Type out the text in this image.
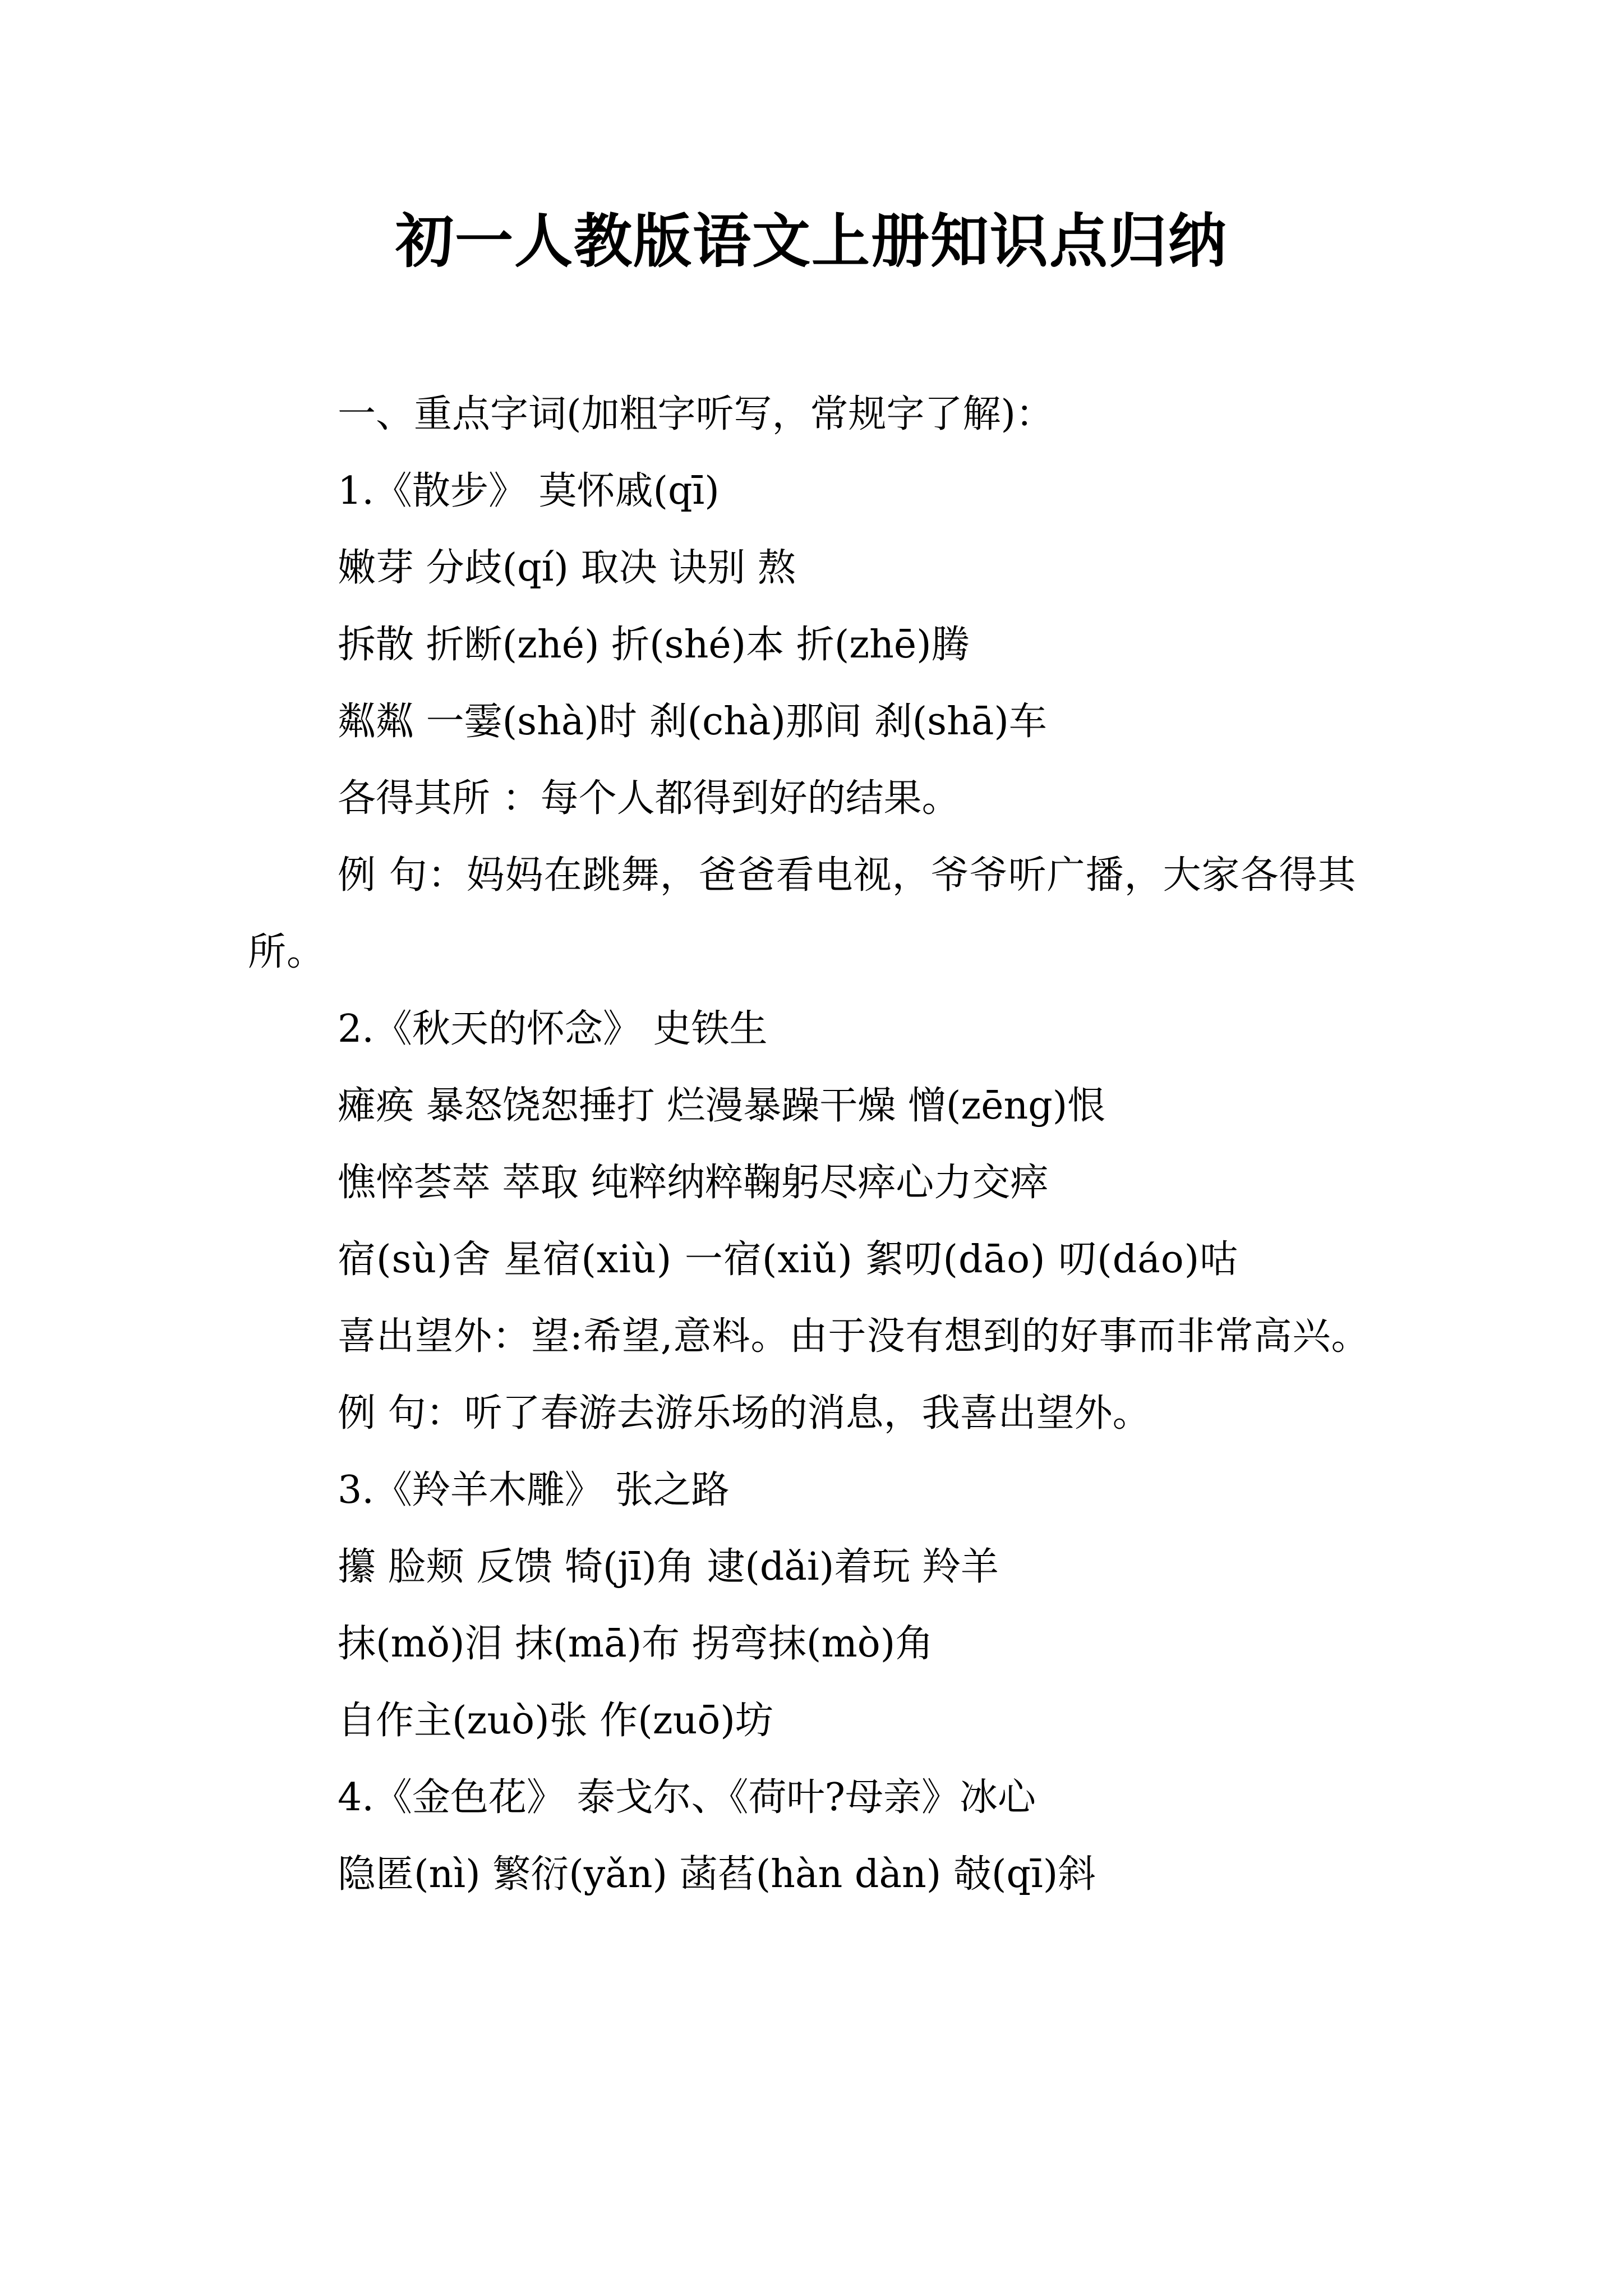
初一人教版语文上册知识点归纳
一、重点字词(加粗字听写，常规字了解)：
1.《散步》 莫怀戚(qī)
嫩芽 分歧(qí) 取决 诀别 熬
拆散 折断(zhé) 折(shé)本 折(zhē)腾
粼粼 一霎(shà)时 刹(chà)那间 刹(shā)车
各得其所 ：每个人都得到好的结果。
例 句：妈妈在跳舞，爸爸看电视，爷爷听广播，大家各得其所。
2.《秋天的怀念》 史铁生
瘫痪 暴怒饶恕捶打 烂漫暴躁干燥 憎(zēng)恨
憔悴荟萃 萃取 纯粹纳粹鞠躬尽瘁心力交瘁
宿(sù)舍 星宿(xiù) 一宿(xiǔ) 絮叨(dāo) 叨(dáo)咕
喜出望外：望:希望,意料。由于没有想到的好事而非常高兴。
例 句：听了春游去游乐场的消息，我喜出望外。
3.《羚羊木雕》 张之路
攥 脸颊 反馈 犄(jī)角 逮(dǎi)着玩 羚羊
抹(mǒ)泪 抹(mā)布 拐弯抹(mò)角
自作主(zuò)张 作(zuō)坊
4.《金色花》 泰戈尔、《荷叶?母亲》冰心
隐匿(nì) 繁衍(yǎn) 菡萏(hàn dàn) 攲(qī)斜
